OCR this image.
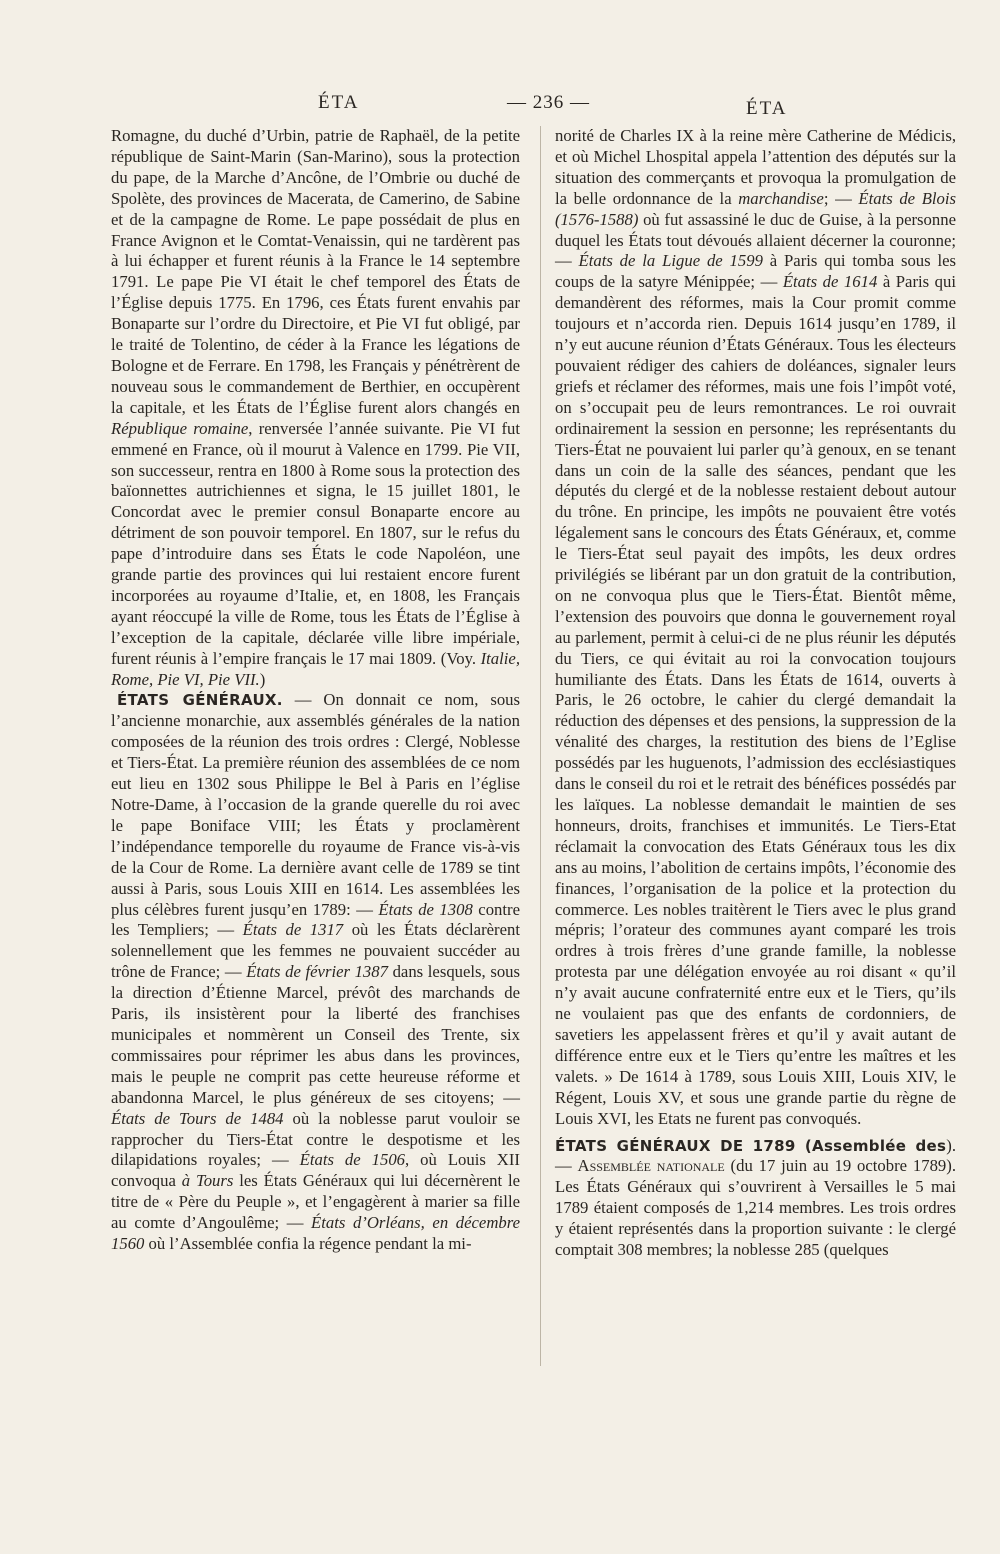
ÉTA	— 236 —	ÉTA

Romagne, du duché d’Urbin, patrie de Raphaël, de la petite république de Saint-Marin (San-Marino), sous la protection du pape, de la Marche d’Ancône, de l’Ombrie ou duché de Spolète, des provinces de Macerata, de Camerino, de Sabine et de la campagne de Rome. Le pape possédait de plus en France Avignon et le Comtat-Venaissin, qui ne tardèrent pas à lui échapper et furent réunis à la France le 14 septembre 1791. Le pape Pie VI était le chef temporel des États de l’Église depuis 1775. En 1796, ces États furent envahis par Bonaparte sur l’ordre du Directoire, et Pie VI fut obligé, par le traité de Tolentino, de céder à la France les légations de Bologne et de Ferrare. En 1798, les Français y pénétrèrent de nouveau sous le commandement de Berthier, en occupèrent la capitale, et les États de l’Église furent alors changés en République romaine, renversée l’année suivante. Pie VI fut emmené en France, où il mourut à Valence en 1799. Pie VII, son successeur, rentra en 1800 à Rome sous la protection des baïonnettes autrichiennes et signa, le 15 juillet 1801, le Concordat avec le premier consul Bonaparte encore au détriment de son pouvoir temporel. En 1807, sur le refus du pape d’introduire dans ses États le code Napoléon, une grande partie des provinces qui lui restaient encore furent incorporées au royaume d’Italie, et, en 1808, les Français ayant réoccupé la ville de Rome, tous les États de l’Église à l’exception de la capitale, déclarée ville libre impériale, furent réunis à l’empire français le 17 mai 1809. (Voy. Italie, Rome, Pie VI, Pie VII.)

ÉTATS GÉNÉRAUX. — On donnait ce nom, sous l’ancienne monarchie, aux assemblés générales de la nation composées de la réunion des trois ordres : Clergé, Noblesse et Tiers-État. La première réunion des assemblées de ce nom eut lieu en 1302 sous Philippe le Bel à Paris en l’église Notre-Dame, à l’occasion de la grande querelle du roi avec le pape Boniface VIII; les États y proclamèrent l’indépendance temporelle du royaume de France vis-à-vis de la Cour de Rome. La dernière avant celle de 1789 se tint aussi à Paris, sous Louis XIII en 1614. Les assemblées les plus célèbres furent jusqu’en 1789: — États de 1308 contre les Templiers; — États de 1317 où les États déclarèrent solennellement que les femmes ne pouvaient succéder au trône de France; — États de février 1387 dans lesquels, sous la direction d’Étienne Marcel, prévôt des marchands de Paris, ils insistèrent pour la liberté des franchises municipales et nommèrent un Conseil des Trente, six commissaires pour réprimer les abus dans les provinces, mais le peuple ne comprit pas cette heureuse réforme et abandonna Marcel, le plus généreux de ses citoyens; — États de Tours de 1484 où la noblesse parut vouloir se rapprocher du Tiers-État contre le despotisme et les dilapidations royales; — États de 1506, où Louis XII convoqua à Tours les États Généraux qui lui décernèrent le titre de « Père du Peuple », et l’engagèrent à marier sa fille au comte d’Angoulême; — États d’Orléans, en décembre 1560 où l’Assemblée confia la régence pendant la mi-

norité de Charles IX à la reine mère Catherine de Médicis, et où Michel Lhospital appela l’attention des députés sur la situation des commerçants et provoqua la promulgation de la belle ordonnance de la marchandise; — États de Blois (1576-1588) où fut assassiné le duc de Guise, à la personne duquel les États tout dévoués allaient décerner la couronne; — États de la Ligue de 1599 à Paris qui tomba sous les coups de la satyre Ménippée; — États de 1614 à Paris qui demandèrent des réformes, mais la Cour promit comme toujours et n’accorda rien. Depuis 1614 jusqu’en 1789, il n’y eut aucune réunion d’États Généraux. Tous les électeurs pouvaient rédiger des cahiers de doléances, signaler leurs griefs et réclamer des réformes, mais une fois l’impôt voté, on s’occupait peu de leurs remontrances. Le roi ouvrait ordinairement la session en personne; les représentants du Tiers-État ne pouvaient lui parler qu’à genoux, en se tenant dans un coin de la salle des séances, pendant que les députés du clergé et de la noblesse restaient debout autour du trône. En principe, les impôts ne pouvaient être votés légalement sans le concours des États Généraux, et, comme le Tiers-État seul payait des impôts, les deux ordres privilégiés se libérant par un don gratuit de la contribution, on ne convoqua plus que le Tiers-État. Bientôt même, l’extension des pouvoirs que donna le gouvernement royal au parlement, permit à celui-ci de ne plus réunir les députés du Tiers, ce qui évitait au roi la convocation toujours humiliante des États. Dans les États de 1614, ouverts à Paris, le 26 octobre, le cahier du clergé demandait la réduction des dépenses et des pensions, la suppression de la vénalité des charges, la restitution des biens de l’Eglise possédés par les huguenots, l’admission des ecclésiastiques dans le conseil du roi et le retrait des bénéfices possédés par les laïques. La noblesse demandait le maintien de ses honneurs, droits, franchises et immunités. Le Tiers-Etat réclamait la convocation des Etats Généraux tous les dix ans au moins, l’abolition de certains impôts, l’économie des finances, l’organisation de la police et la protection du commerce. Les nobles traitèrent le Tiers avec le plus grand mépris; l’orateur des communes ayant comparé les trois ordres à trois frères d’une grande famille, la noblesse protesta par une délégation envoyée au roi disant « qu’il n’y avait aucune confraternité entre eux et le Tiers, qu’ils ne voulaient pas que des enfants de cordonniers, de savetiers les appelassent frères et qu’il y avait autant de différence entre eux et le Tiers qu’entre les maîtres et les valets. » De 1614 à 1789, sous Louis XIII, Louis XIV, le Régent, Louis XV, et sous une grande partie du règne de Louis XVI, les Etats ne furent pas convoqués.

ÉTATS GÉNÉRAUX DE 1789 (Assemblée des). — Assemblée nationale (du 17 juin au 19 octobre 1789). Les États Généraux qui s’ouvrirent à Versailles le 5 mai 1789 étaient composés de 1,214 membres. Les trois ordres y étaient représentés dans la proportion suivante : le clergé comptait 308 membres; la noblesse 285 (quelques
